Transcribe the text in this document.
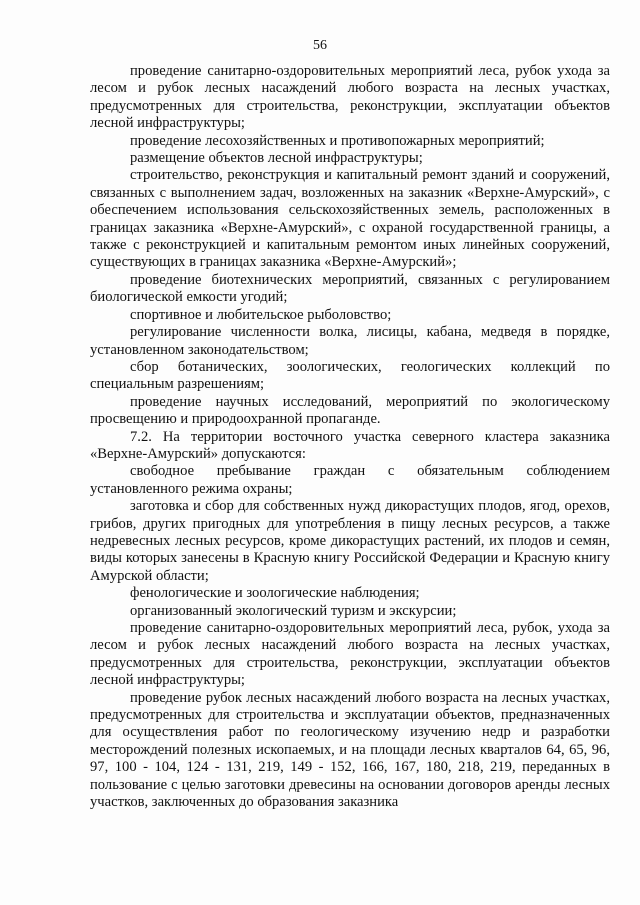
56

проведение санитарно-оздоровительных мероприятий леса, рубок ухода за лесом и рубок лесных насаждений любого возраста на лесных участках, предусмотренных для строительства, реконструкции, эксплуатации объектов лесной инфраструктуры;

проведение лесохозяйственных и противопожарных мероприятий;

размещение объектов лесной инфраструктуры;

строительство, реконструкция и капитальный ремонт зданий и сооружений, связанных с выполнением задач, возложенных на заказник «Верхне-Амурский», с обеспечением использования сельскохозяйственных земель, расположенных в границах заказника «Верхне-Амурский», с охраной государственной границы, а также с реконструкцией и капитальным ремонтом иных линейных сооружений, существующих в границах заказника «Верхне-Амурский»;

проведение биотехнических мероприятий, связанных с регулированием биологической емкости угодий;

спортивное и любительское рыболовство;

регулирование численности волка, лисицы, кабана, медведя в порядке, установленном законодательством;

сбор ботанических, зоологических, геологических коллекций по специальным разрешениям;

проведение научных исследований, мероприятий по экологическому просвещению и природоохранной пропаганде.

7.2. На территории восточного участка северного кластера заказника «Верхне-Амурский» допускаются:

свободное пребывание граждан с обязательным соблюдением установленного режима охраны;

заготовка и сбор для собственных нужд дикорастущих плодов, ягод, орехов, грибов, других пригодных для употребления в пищу лесных ресурсов, а также недревесных лесных ресурсов, кроме дикорастущих растений, их плодов и семян, виды которых занесены в Красную книгу Российской Федерации и Красную книгу Амурской области;

фенологические и зоологические наблюдения;

организованный экологический туризм и экскурсии;

проведение санитарно-оздоровительных мероприятий леса, рубок, ухода за лесом и рубок лесных насаждений любого возраста на лесных участках, предусмотренных для строительства, реконструкции, эксплуатации объектов лесной инфраструктуры;

проведение рубок лесных насаждений любого возраста на лесных участках, предусмотренных для строительства и эксплуатации объектов, предназначенных для осуществления работ по геологическому изучению недр и разработки месторождений полезных ископаемых, и на площади лесных кварталов 64, 65, 96, 97, 100 - 104, 124 - 131, 219, 149 - 152, 166, 167, 180, 218, 219, переданных в пользование с целью заготовки древесины на основании договоров аренды лесных участков, заключенных до образования заказника
